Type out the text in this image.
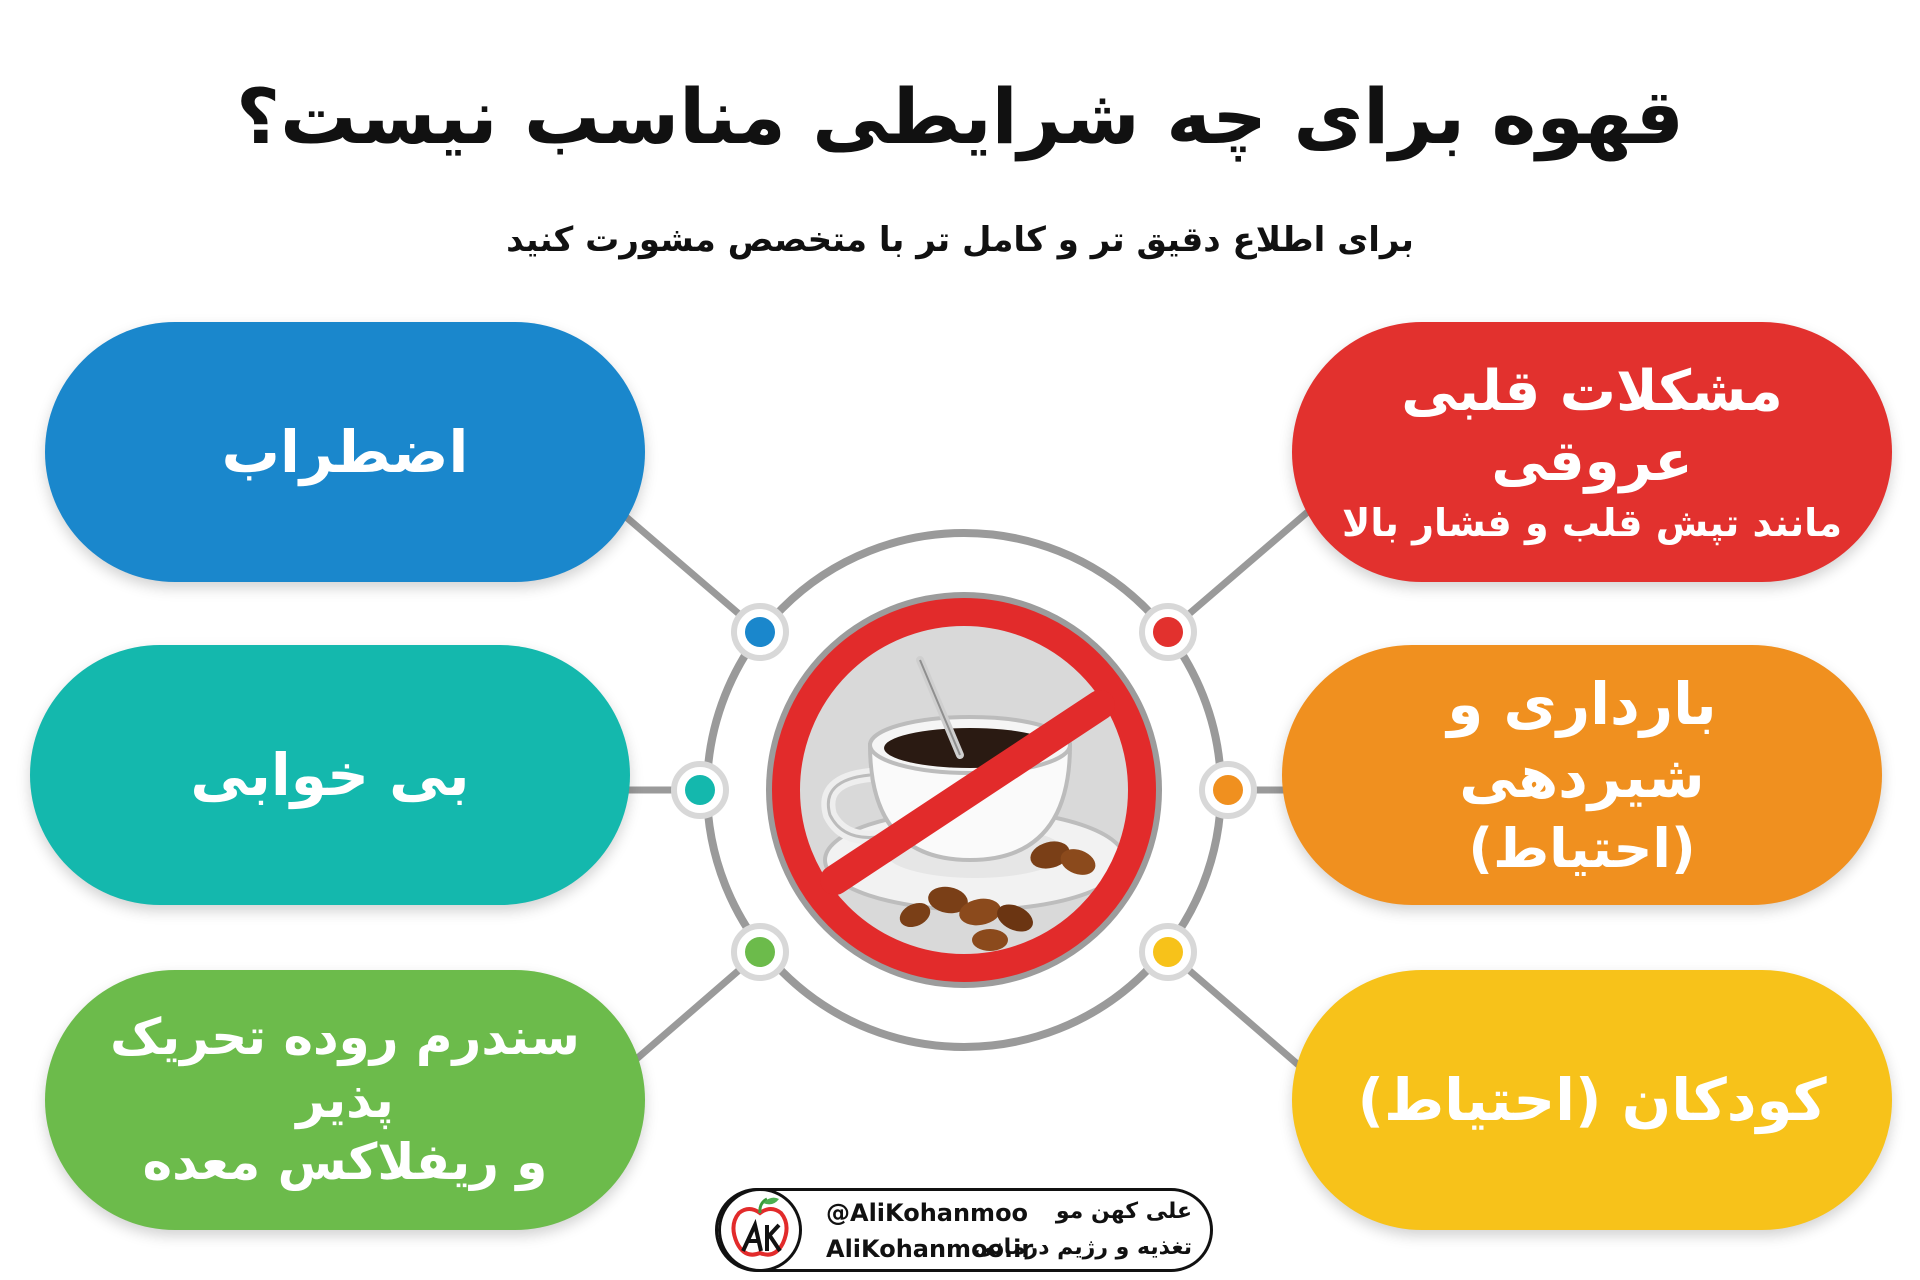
قهوه برای چه شرایطی مناسب نیست؟
برای اطلاع دقیق تر و کامل تر با متخصص مشورت کنید
اضطراب
بی خوابی
سندرم روده تحریک پذیر
و ریفلاکس معده
مشکلات قلبی عروقی
مانند تپش قلب و فشار بالا
بارداری و شیردهی
(احتیاط)
کودکان (احتیاط)
@AliKohanmoo
AliKohanmoo.ir
علی کهن مو
تغذیه و رژیم درمانی
